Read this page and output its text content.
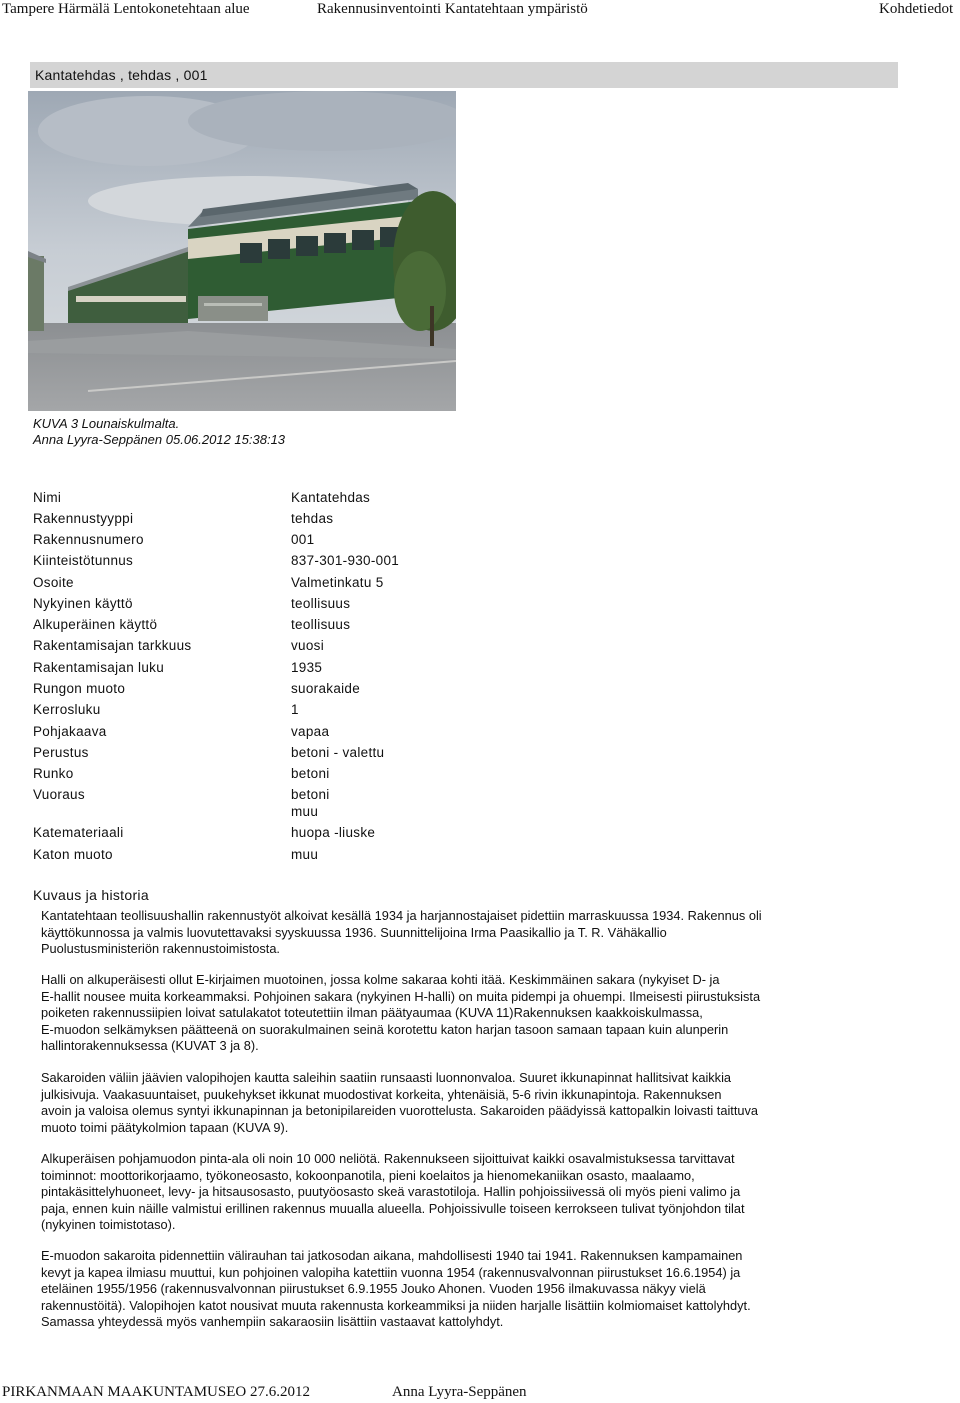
Tampere Härmälä Lentokonetehtaan alue	Rakennusinventointi Kantatehtaan ympäristö	Kohdetiedot
Kantatehdas , tehdas , 001
KUVA 3 Lounaiskulmalta.
Anna Lyyra-Seppänen 05.06.2012 15:38:13
Nimi	Kantatehdas
Rakennustyyppi	tehdas
Rakennusnumero	001
Kiinteistötunnus	837-301-930-001
Osoite	Valmetinkatu 5
Nykyinen käyttö	teollisuus
Alkuperäinen käyttö	teollisuus
Rakentamisajan tarkkuus	vuosi
Rakentamisajan luku	1935
Rungon muoto	suorakaide
Kerrosluku	1
Pohjakaava	vapaa
Perustus	betoni - valettu
Runko	betoni
Vuoraus	betoni
muu
Katemateriaali	huopa -liuske
Katon muoto	muu
Kuvaus ja historia
Kantatehtaan teollisuushallin rakennustyöt alkoivat kesällä 1934 ja harjannostajaiset pidettiin marraskuussa 1934. Rakennus oli
käyttökunnossa ja valmis luovutettavaksi syyskuussa 1936. Suunnittelijoina Irma Paasikallio ja T. R. Vähäkallio
Puolustusministeriön rakennustoimistosta.
Halli on alkuperäisesti ollut E-kirjaimen muotoinen, jossa kolme sakaraa kohti itää. Keskimmäinen sakara (nykyiset D- ja
E-hallit nousee muita korkeammaksi. Pohjoinen sakara (nykyinen H-halli) on muita pidempi ja ohuempi. Ilmeisesti piirustuksista
poiketen rakennussiipien loivat satulakatot toteutettiin ilman päätyaumaa (KUVA 11)Rakennuksen kaakkoiskulmassa,
E-muodon selkämyksen päätteenä on suorakulmainen seinä korotettu katon harjan tasoon samaan tapaan kuin alunperin
hallintorakennuksessa (KUVAT 3 ja 8).
Sakaroiden väliin jäävien valopihojen kautta saleihin saatiin runsaasti luonnonvaloa. Suuret ikkunapinnat hallitsivat kaikkia
julkisivuja. Vaakasuuntaiset, puukehykset ikkunat muodostivat korkeita, yhtenäisiä, 5-6 rivin ikkunapintoja. Rakennuksen
avoin ja valoisa olemus syntyi ikkunapinnan ja betonipilareiden vuorottelusta. Sakaroiden päädyissä kattopalkin loivasti taittuva
muoto toimi päätykolmion tapaan (KUVA 9).
Alkuperäisen pohjamuodon pinta-ala oli noin 10 000 neliötä. Rakennukseen sijoittuivat kaikki osavalmistuksessa tarvittavat
toiminnot: moottorikorjaamo, työkoneosasto, kokoonpanotila, pieni koelaitos ja hienomekaniikan osasto, maalaamo,
pintakäsittelyhuoneet, levy- ja hitsausosasto, puutyöosasto skeä varastotiloja. Hallin pohjoissiivessä oli myös pieni valimo ja
paja, ennen kuin näille valmistui erillinen rakennus muualla alueella. Pohjoissivulle toiseen kerrokseen tulivat työnjohdon tilat
(nykyinen toimistotaso).
E-muodon sakaroita pidennettiin välirauhan tai jatkosodan aikana, mahdollisesti 1940 tai 1941. Rakennuksen kampamainen
kevyt ja kapea ilmiasu muuttui, kun pohjoinen valopiha katettiin vuonna 1954 (rakennusvalvonnan piirustukset 16.6.1954) ja
eteläinen 1955/1956 (rakennusvalvonnan piirustukset 6.9.1955 Jouko Ahonen. Vuoden 1956 ilmakuvassa näkyy vielä
rakennustöitä). Valopihojen katot nousivat muuta rakennusta korkeammiksi ja niiden harjalle lisättiin kolmiomaiset kattolyhdyt.
Samassa yhteydessä myös vanhempiin sakaraosiin lisättiin vastaavat kattolyhdyt.
PIRKANMAAN MAAKUNTAMUSEO 27.6.2012	Anna Lyyra-Seppänen
